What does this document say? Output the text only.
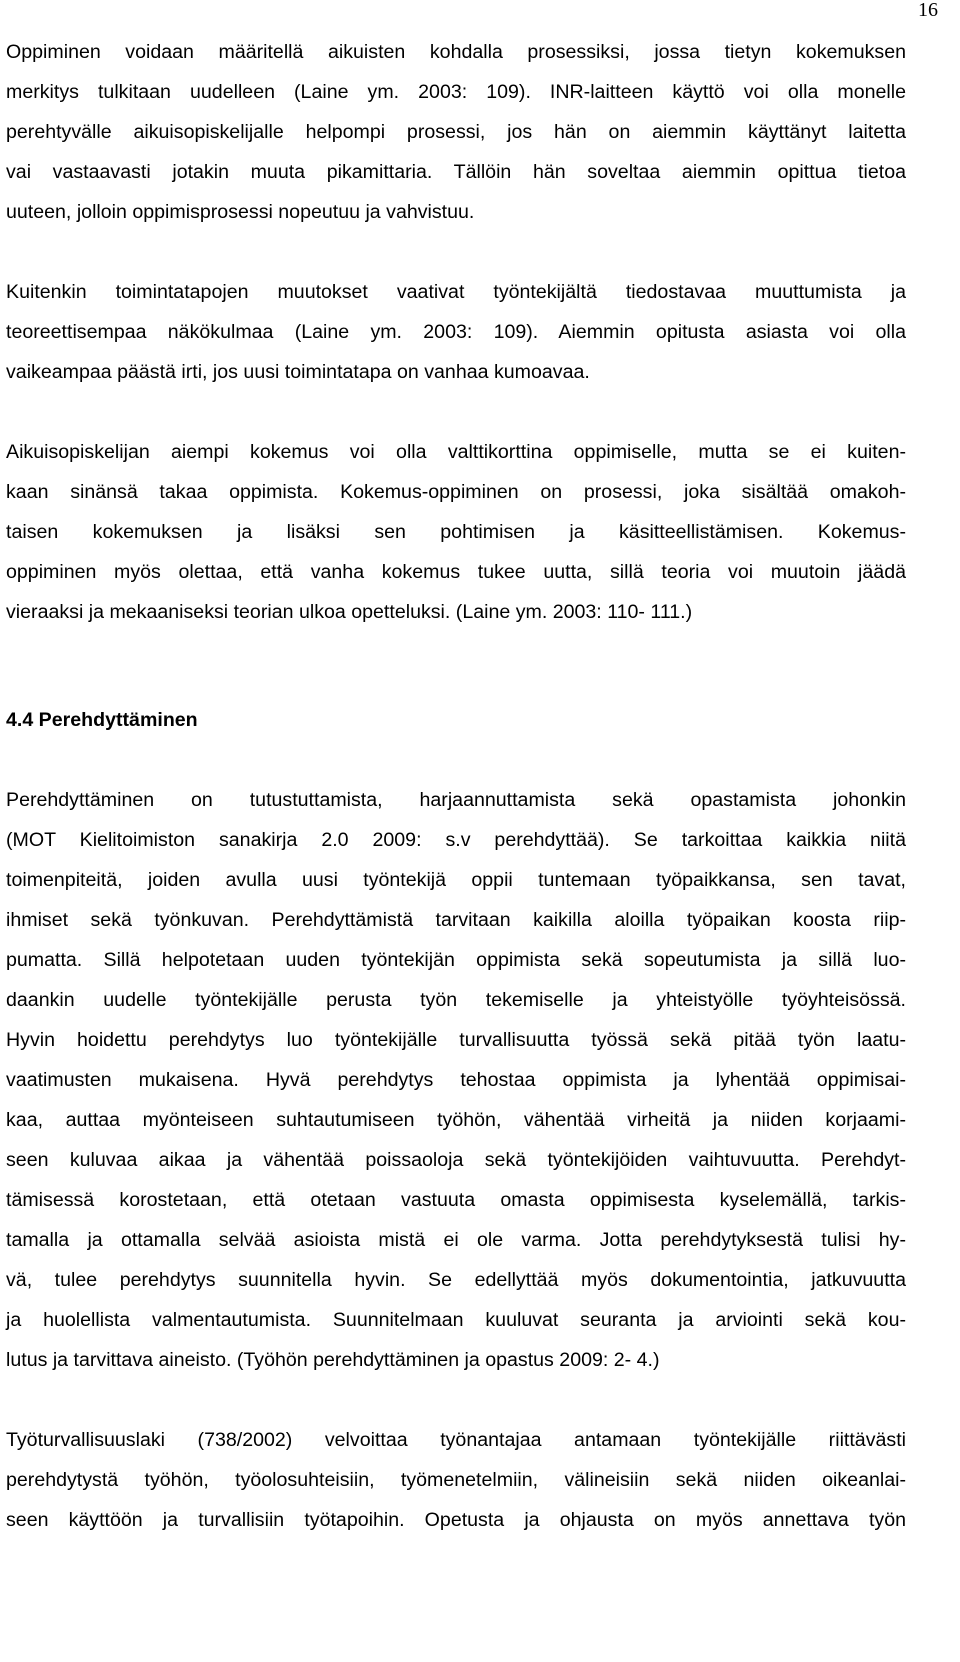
16

Oppiminen voidaan määritellä aikuisten kohdalla prosessiksi, jossa tietyn kokemuksen
merkitys tulkitaan uudelleen (Laine ym. 2003: 109). INR-laitteen käyttö voi olla monelle
perehtyvälle aikuisopiskelijalle helpompi prosessi, jos hän on aiemmin käyttänyt laitetta
vai vastaavasti jotakin muuta pikamittaria. Tällöin hän soveltaa aiemmin opittua tietoa
uuteen, jolloin oppimisprosessi nopeutuu ja vahvistuu.

Kuitenkin toimintatapojen muutokset vaativat työntekijältä tiedostavaa muuttumista ja
teoreettisempaa näkökulmaa (Laine ym. 2003: 109). Aiemmin opitusta asiasta voi olla
vaikeampaa päästä irti, jos uusi toimintatapa on vanhaa kumoavaa.

Aikuisopiskelijan aiempi kokemus voi olla valttikorttina oppimiselle, mutta se ei kuiten-
kaan sinänsä takaa oppimista. Kokemus-oppiminen on prosessi, joka sisältää omakoh-
taisen kokemuksen ja lisäksi sen pohtimisen ja käsitteellistämisen. Kokemus-
oppiminen myös olettaa, että vanha kokemus tukee uutta, sillä teoria voi muutoin jäädä
vieraaksi ja mekaaniseksi teorian ulkoa opetteluksi. (Laine ym. 2003: 110- 111.)

4.4 Perehdyttäminen

Perehdyttäminen on tutustuttamista, harjaannuttamista sekä opastamista johonkin
(MOT Kielitoimiston sanakirja 2.0 2009: s.v perehdyttää). Se tarkoittaa kaikkia niitä
toimenpiteitä, joiden avulla uusi työntekijä oppii tuntemaan työpaikkansa, sen tavat,
ihmiset sekä työnkuvan. Perehdyttämistä tarvitaan kaikilla aloilla työpaikan koosta riip-
pumatta. Sillä helpotetaan uuden työntekijän oppimista sekä sopeutumista ja sillä luo-
daankin uudelle työntekijälle perusta työn tekemiselle ja yhteistyölle työyhteisössä.
Hyvin hoidettu perehdytys luo työntekijälle turvallisuutta työssä sekä pitää työn laatu-
vaatimusten mukaisena. Hyvä perehdytys tehostaa oppimista ja lyhentää oppimisai-
kaa, auttaa myönteiseen suhtautumiseen työhön, vähentää virheitä ja niiden korjaami-
seen kuluvaa aikaa ja vähentää poissaoloja sekä työntekijöiden vaihtuvuutta. Perehdyt-
tämisessä korostetaan, että otetaan vastuuta omasta oppimisesta kyselemällä, tarkis-
tamalla ja ottamalla selvää asioista mistä ei ole varma. Jotta perehdytyksestä tulisi hy-
vä, tulee perehdytys suunnitella hyvin. Se edellyttää myös dokumentointia, jatkuvuutta
ja huolellista valmentautumista. Suunnitelmaan kuuluvat seuranta ja arviointi sekä kou-
lutus ja tarvittava aineisto. (Työhön perehdyttäminen ja opastus 2009: 2- 4.)

Työturvallisuuslaki (738/2002) velvoittaa työnantajaa antamaan työntekijälle riittävästi
perehdytystä työhön, työolosuhteisiin, työmenetelmiin, välineisiin sekä niiden oikeanlai-
seen käyttöön ja turvallisiin työtapoihin. Opetusta ja ohjausta on myös annettava työn
